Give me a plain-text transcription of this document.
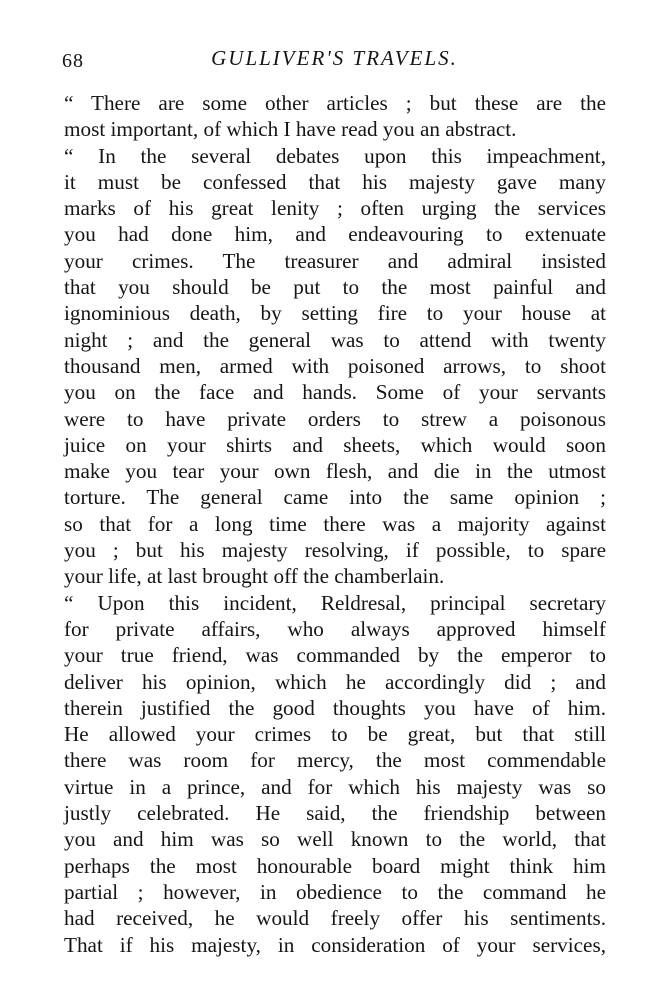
68	GULLIVER'S TRAVELS.
“ There are some other articles ; but these are the
most important, of which I have read you an abstract.
“ In the several debates upon this impeachment,
it must be confessed that his majesty gave many
marks of his great lenity ; often urging the services
you had done him, and endeavouring to extenuate
your crimes. The treasurer and admiral insisted
that you should be put to the most painful and
ignominious death, by setting fire to your house at
night ; and the general was to attend with twenty
thousand men, armed with poisoned arrows, to shoot
you on the face and hands. Some of your servants
were to have private orders to strew a poisonous
juice on your shirts and sheets, which would soon
make you tear your own flesh, and die in the utmost
torture. The general came into the same opinion ;
so that for a long time there was a majority against
you ; but his majesty resolving, if possible, to spare
your life, at last brought off the chamberlain.
“ Upon this incident, Reldresal, principal secretary
for private affairs, who always approved himself
your true friend, was commanded by the emperor to
deliver his opinion, which he accordingly did ; and
therein justified the good thoughts you have of him.
He allowed your crimes to be great, but that still
there was room for mercy, the most commendable
virtue in a prince, and for which his majesty was so
justly celebrated. He said, the friendship between
you and him was so well known to the world, that
perhaps the most honourable board might think him
partial ; however, in obedience to the command he
had received, he would freely offer his sentiments.
That if his majesty, in consideration of your services,
